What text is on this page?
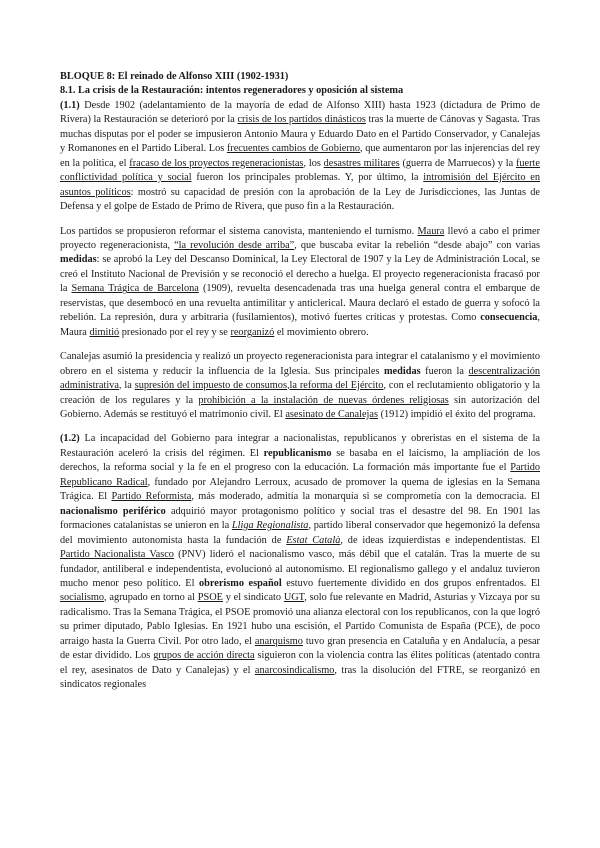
BLOQUE 8: El reinado de Alfonso XIII (1902-1931)
8.1. La crisis de la Restauración: intentos regeneradores y oposición al sistema

(1.1) Desde 1902 (adelantamiento de la mayoría de edad de Alfonso XIII) hasta 1923 (dictadura de Primo de Rivera) la Restauración se deterioró por la crisis de los partidos dinásticos tras la muerte de Cánovas y Sagasta. Tras muchas disputas por el poder se impusieron Antonio Maura y Eduardo Dato en el Partido Conservador, y Canalejas y Romanones en el Partido Liberal. Los frecuentes cambios de Gobierno, que aumentaron por las injerencias del rey en la política, el fracaso de los proyectos regeneracionistas, los desastres militares (guerra de Marruecos) y la fuerte conflictividad política y social fueron los principales problemas. Y, por último, la intromisión del Ejército en asuntos políticos: mostró su capacidad de presión con la aprobación de la Ley de Jurisdicciones, las Juntas de Defensa y el golpe de Estado de Primo de Rivera, que puso fin a la Restauración.

Los partidos se propusieron reformar el sistema canovista, manteniendo el turnismo. Maura llevó a cabo el primer proyecto regeneracionista, “la revolución desde arriba”, que buscaba evitar la rebelión “desde abajo” con varias medidas: se aprobó la Ley del Descanso Dominical, la Ley Electoral de 1907 y la Ley de Administración Local, se creó el Instituto Nacional de Previsión y se reconoció el derecho a huelga. El proyecto regeneracionista fracasó por la Semana Trágica de Barcelona (1909), revuelta desencadenada tras una huelga general contra el embarque de reservistas, que desembocó en una revuelta antimilitar y anticlerical. Maura declaró el estado de guerra y sofocó la rebelión. La represión, dura y arbitraria (fusilamientos), motivó fuertes críticas y protestas. Como consecuencia, Maura dimitió presionado por el rey y se reorganizó el movimiento obrero.

Canalejas asumió la presidencia y realizó un proyecto regeneracionista para integrar el catalanismo y el movimiento obrero en el sistema y reducir la influencia de la Iglesia. Sus principales medidas fueron la descentralización administrativa, la supresión del impuesto de consumos,la reforma del Ejército, con el reclutamiento obligatorio y la creación de los regulares y la prohibición a la instalación de nuevas órdenes religiosas sin autorización del Gobierno. Además se restituyó el matrimonio civil. El asesinato de Canalejas (1912) impidió el éxito del programa.

(1.2) La incapacidad del Gobierno para integrar a nacionalistas, republicanos y obreristas en el sistema de la Restauración aceleró la crisis del régimen. El republicanismo se basaba en el laicismo, la ampliación de los derechos, la reforma social y la fe en el progreso con la educación. La formación más importante fue el Partido Republicano Radical, fundado por Alejandro Lerroux, acusado de promover la quema de iglesias en la Semana Trágica. El Partido Reformista, más moderado, admitía la monarquía si se comprometía con la democracia. El nacionalismo periférico adquirió mayor protagonismo político y social tras el desastre del 98. En 1901 las formaciones catalanistas se unieron en la Lliga Regionalista, partido liberal conservador que hegemonizó la defensa del movimiento autonomista hasta la fundación de Estat Català, de ideas izquierdistas e independentistas. El Partido Nacionalista Vasco (PNV) lideró el nacionalismo vasco, más débil que el catalán. Tras la muerte de su fundador, antiliberal e independentista, evolucionó al autonomismo. El regionalismo gallego y el andaluz tuvieron mucho menor peso político. El obrerismo español estuvo fuertemente dividido en dos grupos enfrentados. El socialismo, agrupado en torno al PSOE y el sindicato UGT, solo fue relevante en Madrid, Asturias y Vizcaya por su radicalismo. Tras la Semana Trágica, el PSOE promovió una alianza electoral con los republicanos, con la que logró su primer diputado, Pablo Iglesias. En 1921 hubo una escisión, el Partido Comunista de España (PCE), de poco arraigo hasta la Guerra Civil. Por otro lado, el anarquismo tuvo gran presencia en Cataluña y en Andalucía, a pesar de estar dividido. Los grupos de acción directa siguieron con la violencia contra las élites políticas (atentado contra el rey, asesinatos de Dato y Canalejas) y el anarcosindicalismo, tras la disolución del FTRE, se reorganizó en sindicatos regionales
